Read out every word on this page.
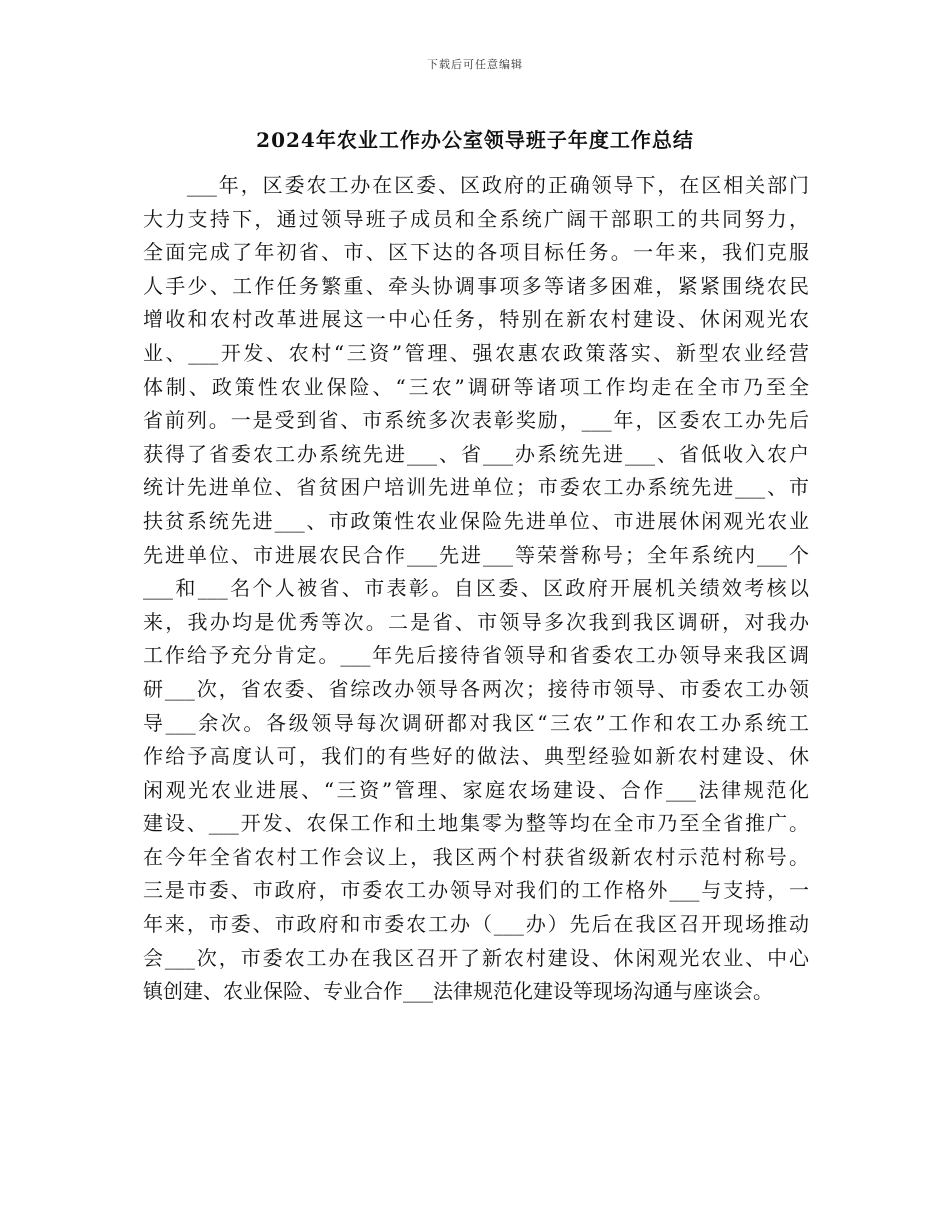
下载后可任意编辑
2024年农业工作办公室领导班子年度工作总结
　　___年，区委农工办在区委、区政府的正确领导下，在区相关部门
大力支持下，通过领导班子成员和全系统广阔干部职工的共同努力，
全面完成了年初省、市、区下达的各项目标任务。一年来，我们克服
人手少、工作任务繁重、牵头协调事项多等诸多困难，紧紧围绕农民
增收和农村改革进展这一中心任务，特别在新农村建设、休闲观光农
业、___开发、农村“三资”管理、强农惠农政策落实、新型农业经营
体制、政策性农业保险、“三农”调研等诸项工作均走在全市乃至全
省前列。一是受到省、市系统多次表彰奖励，___年，区委农工办先后
获得了省委农工办系统先进___、省___办系统先进___、省低收入农户
统计先进单位、省贫困户培训先进单位；市委农工办系统先进___、市
扶贫系统先进___、市政策性农业保险先进单位、市进展休闲观光农业
先进单位、市进展农民合作___先进___等荣誉称号；全年系统内___个
___和___名个人被省、市表彰。自区委、区政府开展机关绩效考核以
来，我办均是优秀等次。二是省、市领导多次我到我区调研，对我办
工作给予充分肯定。___年先后接待省领导和省委农工办领导来我区调
研___次，省农委、省综改办领导各两次；接待市领导、市委农工办领
导___余次。各级领导每次调研都对我区“三农”工作和农工办系统工
作给予高度认可，我们的有些好的做法、典型经验如新农村建设、休
闲观光农业进展、“三资”管理、家庭农场建设、合作___法律规范化
建设、___开发、农保工作和土地集零为整等均在全市乃至全省推广。
在今年全省农村工作会议上，我区两个村获省级新农村示范村称号。
三是市委、市政府，市委农工办领导对我们的工作格外___与支持，一
年来，市委、市政府和市委农工办（___办）先后在我区召开现场推动
会___次，市委农工办在我区召开了新农村建设、休闲观光农业、中心
镇创建、农业保险、专业合作___法律规范化建设等现场沟通与座谈会。
